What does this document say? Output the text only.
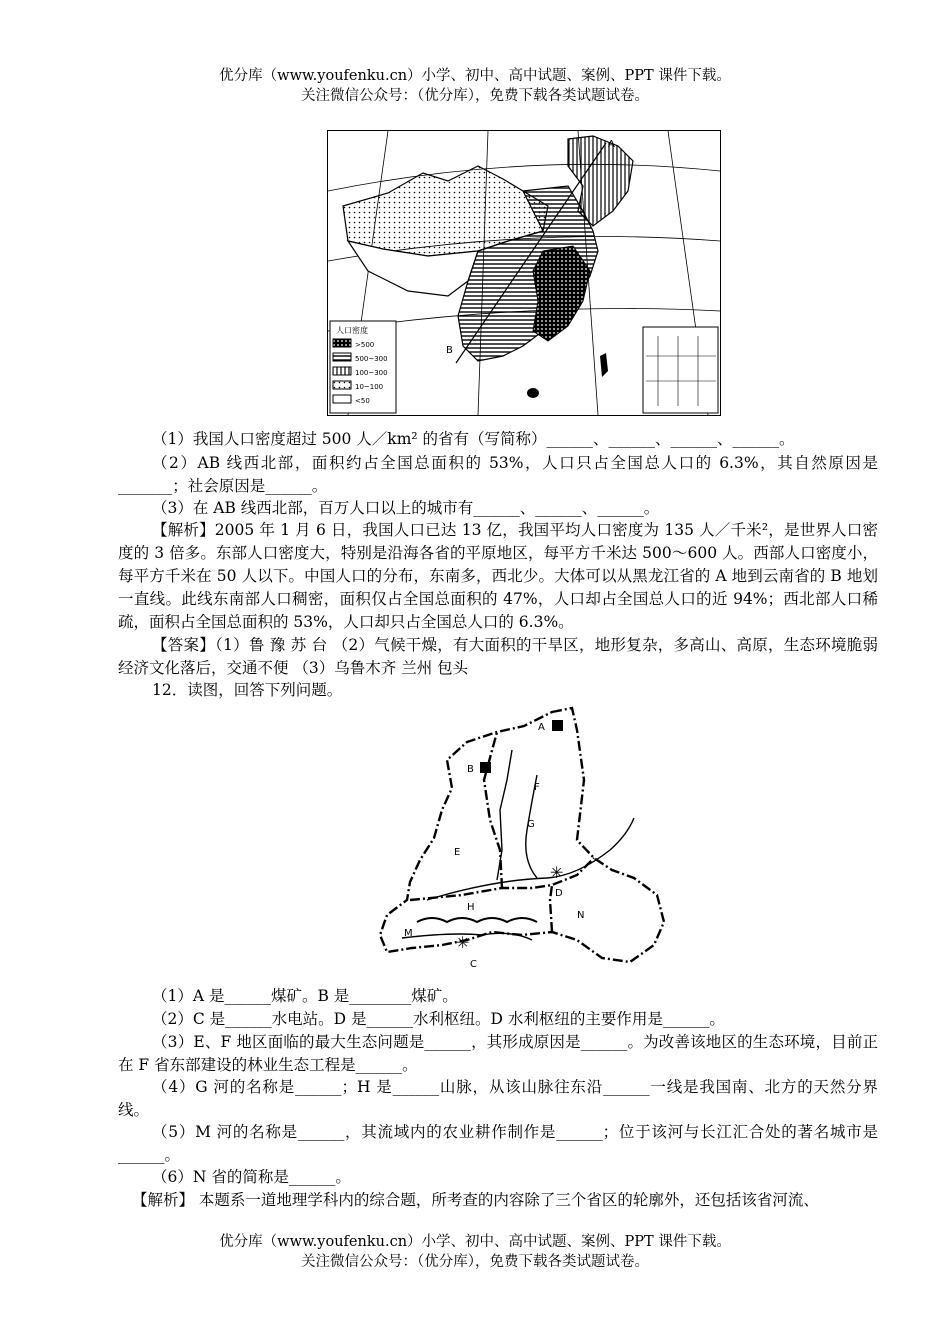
优分库（www.youfenku.cn）小学、初中、高中试题、案例、PPT 课件下载。
关注微信公众号：（优分库），免费下载各类试题试卷。
A
B
人口密度
>500
500~300
100~300
10~100
<50
（1）我国人口密度超过 500 人／km² 的省有（写简称）______、______、______、______。
（2）AB 线西北部，面积约占全国总面积的 53%，人口只占全国总人口的 6.3%，其自然原因是_______；社会原因是______。
（3）在 AB 线西北部，百万人口以上的城市有______、______、______。
【解析】2005 年 1 月 6 日，我国人口已达 13 亿，我国平均人口密度为 135 人／千米²，是世界人口密度的 3 倍多。东部人口密度大，特别是沿海各省的平原地区，每平方千米达 500～600 人。西部人口密度小，每平方千米在 50 人以下。中国人口的分布，东南多，西北少。大体可以从黑龙江省的 A 地到云南省的 B 地划一直线。此线东南部人口稠密，面积仅占全国总面积的 47%，人口却占全国总人口的近 94%；西北部人口稀疏，面积占全国总面积的 53%，人口却只占全国总人口的 6.3%。
【答案】（1）鲁 豫 苏 台 （2）气候干燥，有大面积的干旱区，地形复杂，多高山、高原，生态环境脆弱 经济文化落后，交通不便 （3）乌鲁木齐 兰州 包头
12．读图，回答下列问题。
✳
✳
A
B
C
D
E
F
G
H
M
N
（1）A 是______煤矿。B 是________煤矿。
（2）C 是______水电站。D 是______水利枢纽。D 水利枢纽的主要作用是______。
（3）E、F 地区面临的最大生态问题是______，其形成原因是______。为改善该地区的生态环境，目前正在 F 省东部建设的林业生态工程是______。
（4）G 河的名称是______；H 是______山脉，从该山脉往东沿______一线是我国南、北方的天然分界线。
（5）M 河的名称是______，其流域内的农业耕作制作是______；位于该河与长江汇合处的著名城市是______。
（6）N 省的简称是______。
【解析】 本题系一道地理学科内的综合题，所考查的内容除了三个省区的轮廓外，还包括该省河流、
优分库（www.youfenku.cn）小学、初中、高中试题、案例、PPT 课件下载。
关注微信公众号：（优分库），免费下载各类试题试卷。
